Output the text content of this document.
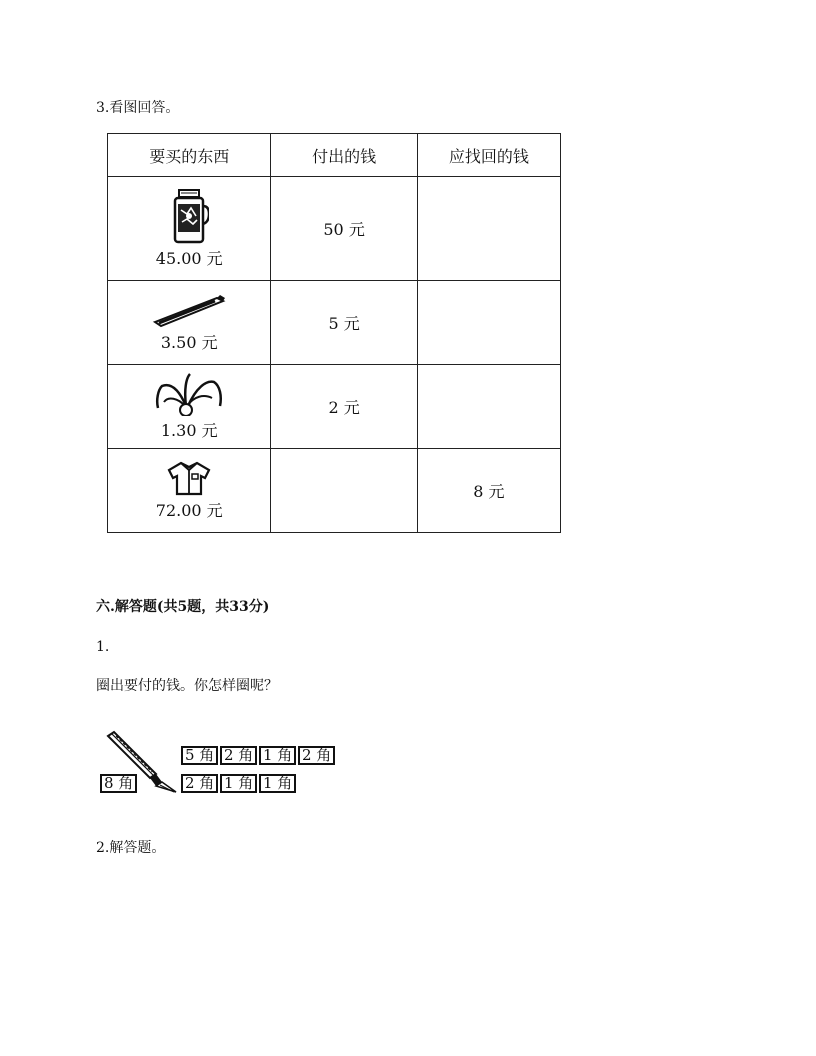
3.看图回答。
要买的东西	付出的钱	应找回的钱

45.00 元	50 元	

3.50 元	5 元	

1.30 元	2 元	

72.00 元		8 元
六.解答题(共5题，共33分)
1.
圈出要付的钱。你怎样圈呢？
8 角
5 角 2 角 1 角 2 角
2 角 1 角 1 角
2.解答题。
